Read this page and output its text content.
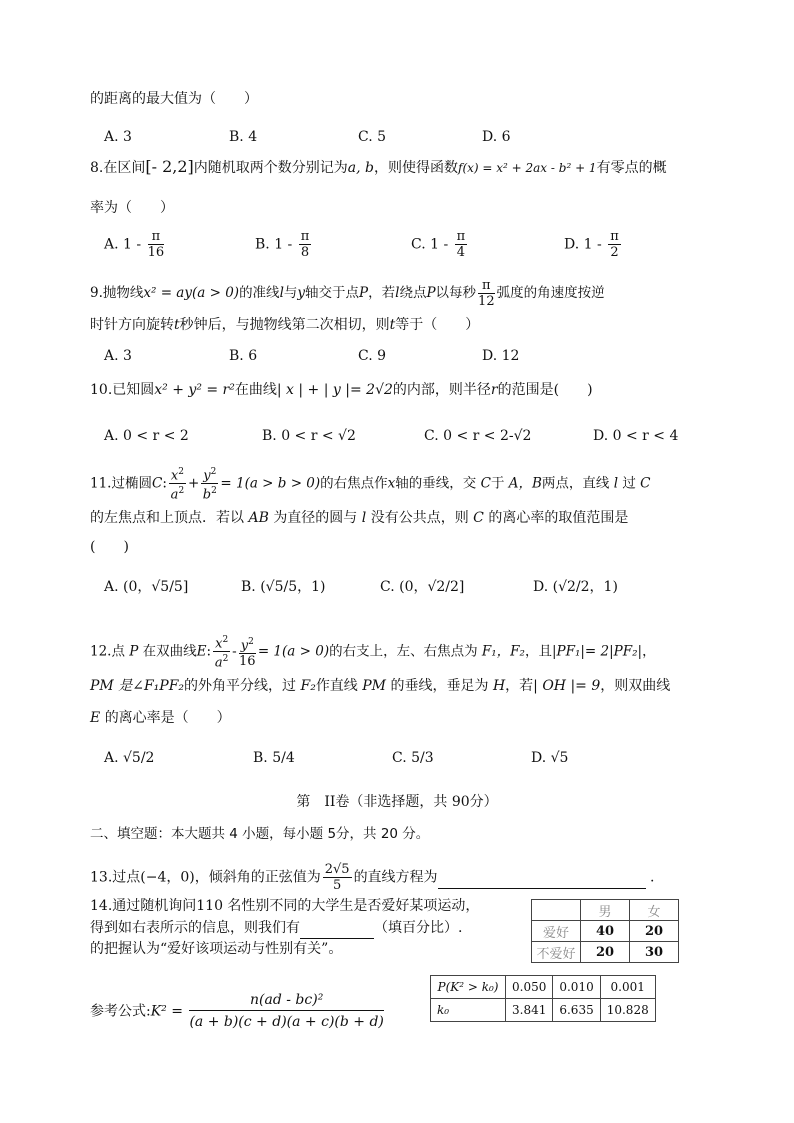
的距离的最大值为（　　）
A. 3	B. 4	C. 5	D. 6
8.在区间[- 2,2]内随机取两个数分别记为a, b，则使得函数f(x) = x² + 2ax - b² + 1有零点的概
率为（　　）
A. $1 - \frac{\pi}{16}$	B. $1 - \frac{\pi}{8}$	C. $1 - \frac{\pi}{4}$	D. $1 - \frac{\pi}{2}$
9.抛物线x² = ay(a > 0)的准线l与y轴交于点P，若l绕点P以每秒 $\frac{\pi}{12}$ 弧度的角速度按逆
时针方向旋转t秒钟后，与抛物线第二次相切，则t等于（　　）
A. 3	B. 6	C. 9	D. 12
10.已知圆x² + y² = r²在曲线| x | + | y |= 2√2的内部，则半径r的范围是(　　)
A. 0 < r < 2	B. 0 < r < √2	C. 0 < r < 2-√2	D. 0 < r < 4
11.过椭圆C: $\frac{x^2}{a^2} + \frac{y^2}{b^2} = 1(a > b > 0)$的右焦点作x轴的垂线，交 C于 A，B两点，直线 l 过 C
的左焦点和上顶点．若以 AB 为直径的圆与 l 没有公共点，则 C 的离心率的取值范围是
(　　)
A. (0，√5/5]	B. (√5/5，1)	C. (0，√2/2]	D. (√2/2，1)
12.点 P 在双曲线E: $\frac{x^2}{a^2} - \frac{y^2}{16} = 1(a > 0)$的右支上，左、右焦点为 F₁，F₂，且|PF₁|= 2|PF₂|，
PM 是∠F₁PF₂的外角平分线，过 F₂作直线 PM 的垂线，垂足为 H，若| OH |= 9，则双曲线
E 的离心率是（　　）
A. √5/2	B. 5/4	C. 5/3	D. √5
第　II卷（非选择题，共 90分）
二、填空题：本大题共 4 小题，每小题 5分，共 20 分。
13.过点(−4，0)，倾斜角的正弦值为 $\frac{2√5}{5}$ 的直线方程为	.
14.通过随机询问110 名性别不同的大学生是否爱好某项运动，
得到如右表所示的信息，则我们有	（填百分比）.
的把握认为“爱好该项运动与性别有关”。
	男	女
爱好	40	20
不爱好	20	30
参考公式:K² = $\frac{\text{n(ad - bc)²}}{(a + b)(c + d)(a + c)(b + d)}$
P(K² > k₀)	0.050	0.010	0.001
k₀	3.841	6.635	10.828
